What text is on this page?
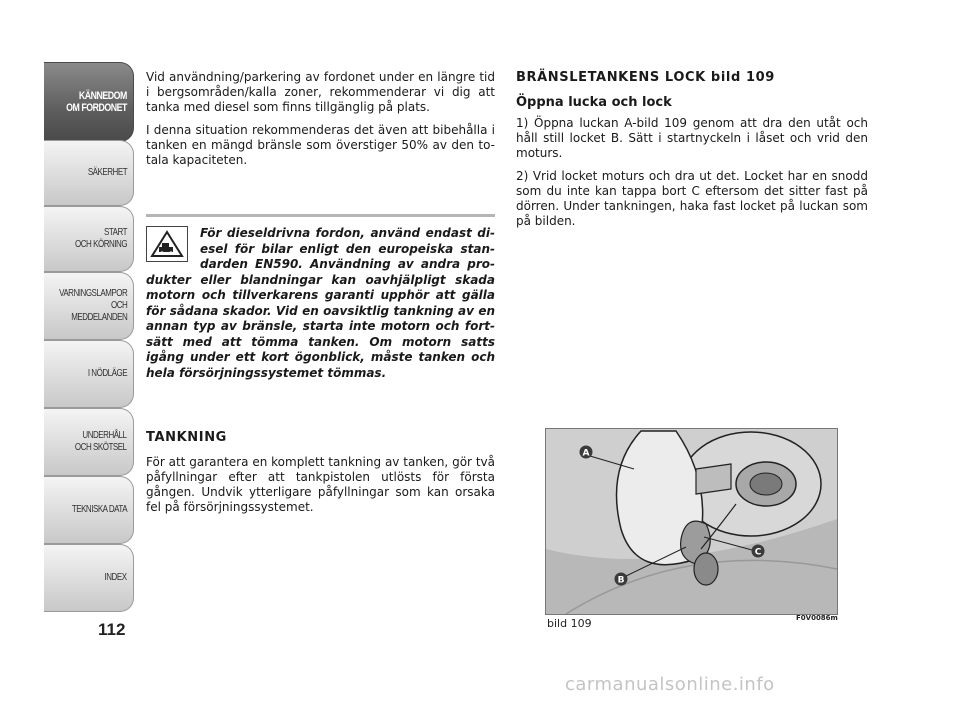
KÄNNEDOM
OM FORDONET
SÄKERHET
START
OCH KÖRNING
VARNINGSLAMPOR
OCH
MEDDELANDEN
I NÖDLÄGE
UNDERHÅLL
OCH SKÖTSEL
TEKNISKA DATA
INDEX
112

Vid användning/parkering av fordonet under en längre tid i bergsområden/kalla zoner, rekommenderar vi dig att tanka med diesel som finns tillgänglig på plats.

I denna situation rekommenderas det även att bibehålla i tanken en mängd bränsle som överstiger 50% av den to-tala kapaciteten.

För dieseldrivna fordon, använd endast di-esel för bilar enligt den europeiska stan-darden EN590. Användning av andra pro-dukter eller blandningar kan oavhjälpligt skada motorn och tillverkarens garanti upphör att gälla för sådana skador. Vid en oavsiktlig tankning av en annan typ av bränsle, starta inte motorn och fort-sätt med att tömma tanken. Om motorn satts igång under ett kort ögonblick, måste tanken och hela försörjningssystemet tömmas.
TANKNING

För att garantera en komplett tankning av tanken, gör två påfyllningar efter att tankpistolen utlösts för första gången. Undvik ytterligare påfyllningar som kan orsaka fel på försörjningssystemet.

BRÄNSLETANKENS LOCK bild 109
Öppna lucka och lock

1) Öppna luckan A-bild 109 genom att dra den utåt och håll still locket B. Sätt i startnyckeln i låset och vrid den moturs.

2) Vrid locket moturs och dra ut det. Locket har en snodd som du inte kan tappa bort C eftersom det sitter fast på dörren. Under tankningen, haka fast locket på luckan som på bilden.

A
B
C
bild 109	F0V0086m
carmanualsonline.info
